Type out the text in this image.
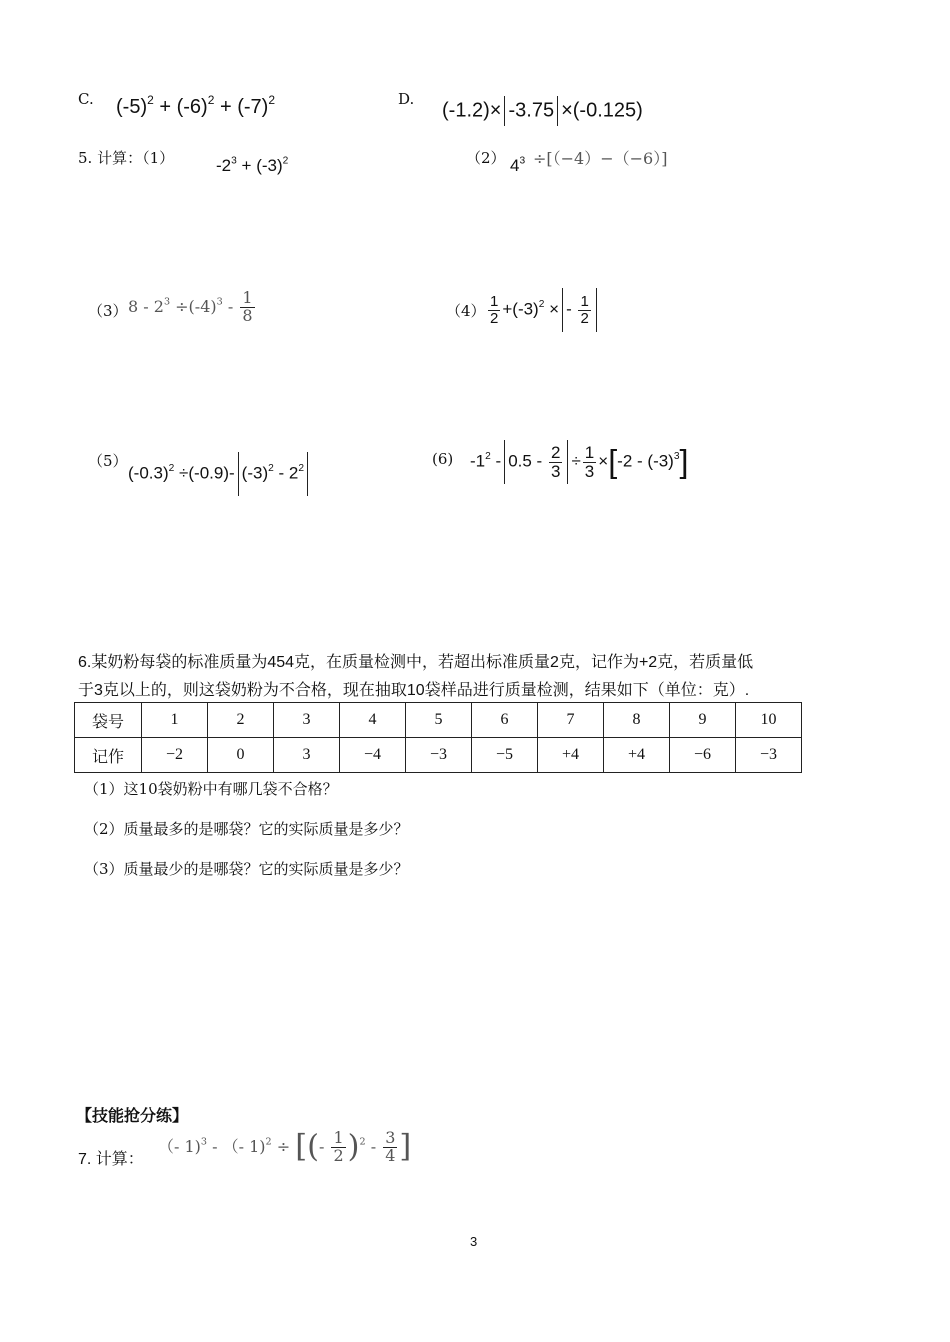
C. $(-5)^2 + (-6)^2 + (-7)^2$	D.
(-1.2)× -3.75 ×(-0.125)
5. 计算：（1） $-2^3 + (-3)^2$	（2） $4^3 \div[(-4)-(-6)]$
（3） $8 - 2^3 \div(-4)^3 - \frac{1}{8}$	$(4) \frac{1}{2} +(-3)^2$ × - $\frac{1}{2}$
（5）
$(-0.3)^2 \div(-0.9)-$ $(-3)^2 - 2^2$
(6) $-1^2 - 0.5 - \frac{2}{3} \div \frac{1}{3} \times[-2 - (-3)^3]$
6.某奶粉每袋的标准质量为454克，在质量检测中，若超出标准质量2克，记作为+2克，若质量低
于3克以上的，则这袋奶粉为不合格，现在抽取10袋样品进行质量检测，结果如下（单位：克）.
袋号	1	2	3	4	5	6	7	8	9	10
记作	−2	0	3	−4	−3	−5	+4	+4	−6	−3
（1）这10袋奶粉中有哪几袋不合格？
（2）质量最多的是哪袋？它的实际质量是多少？
（3）质量最少的是哪袋？它的实际质量是多少？
【技能抢分练】
7. 计算：
（- 1)$^3$ - （- 1)$^2$ ÷ [(- $\frac{1}{2} )^2 - \frac{3}{4}$ ]
3
